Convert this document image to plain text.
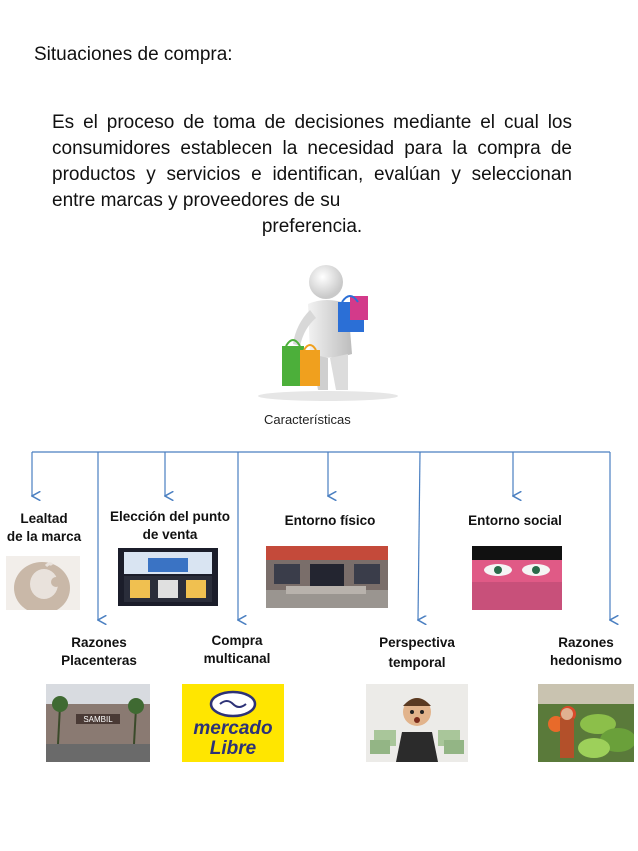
Situaciones de compra:
Es el proceso de toma de decisiones mediante el cual los consumidores establecen la necesidad para la compra de productos y servicios e identifican, evalúan y seleccionan entre marcas y proveedores de su
preferencia.
Características
Lealtad
de la marca
Elección del punto
de venta
Entorno físico	Entorno social
Razones
Placenteras
Compra
multicanal
Perspectiva
temporal
Razones
hedonismo
SAMBIL	mercado
Libre
